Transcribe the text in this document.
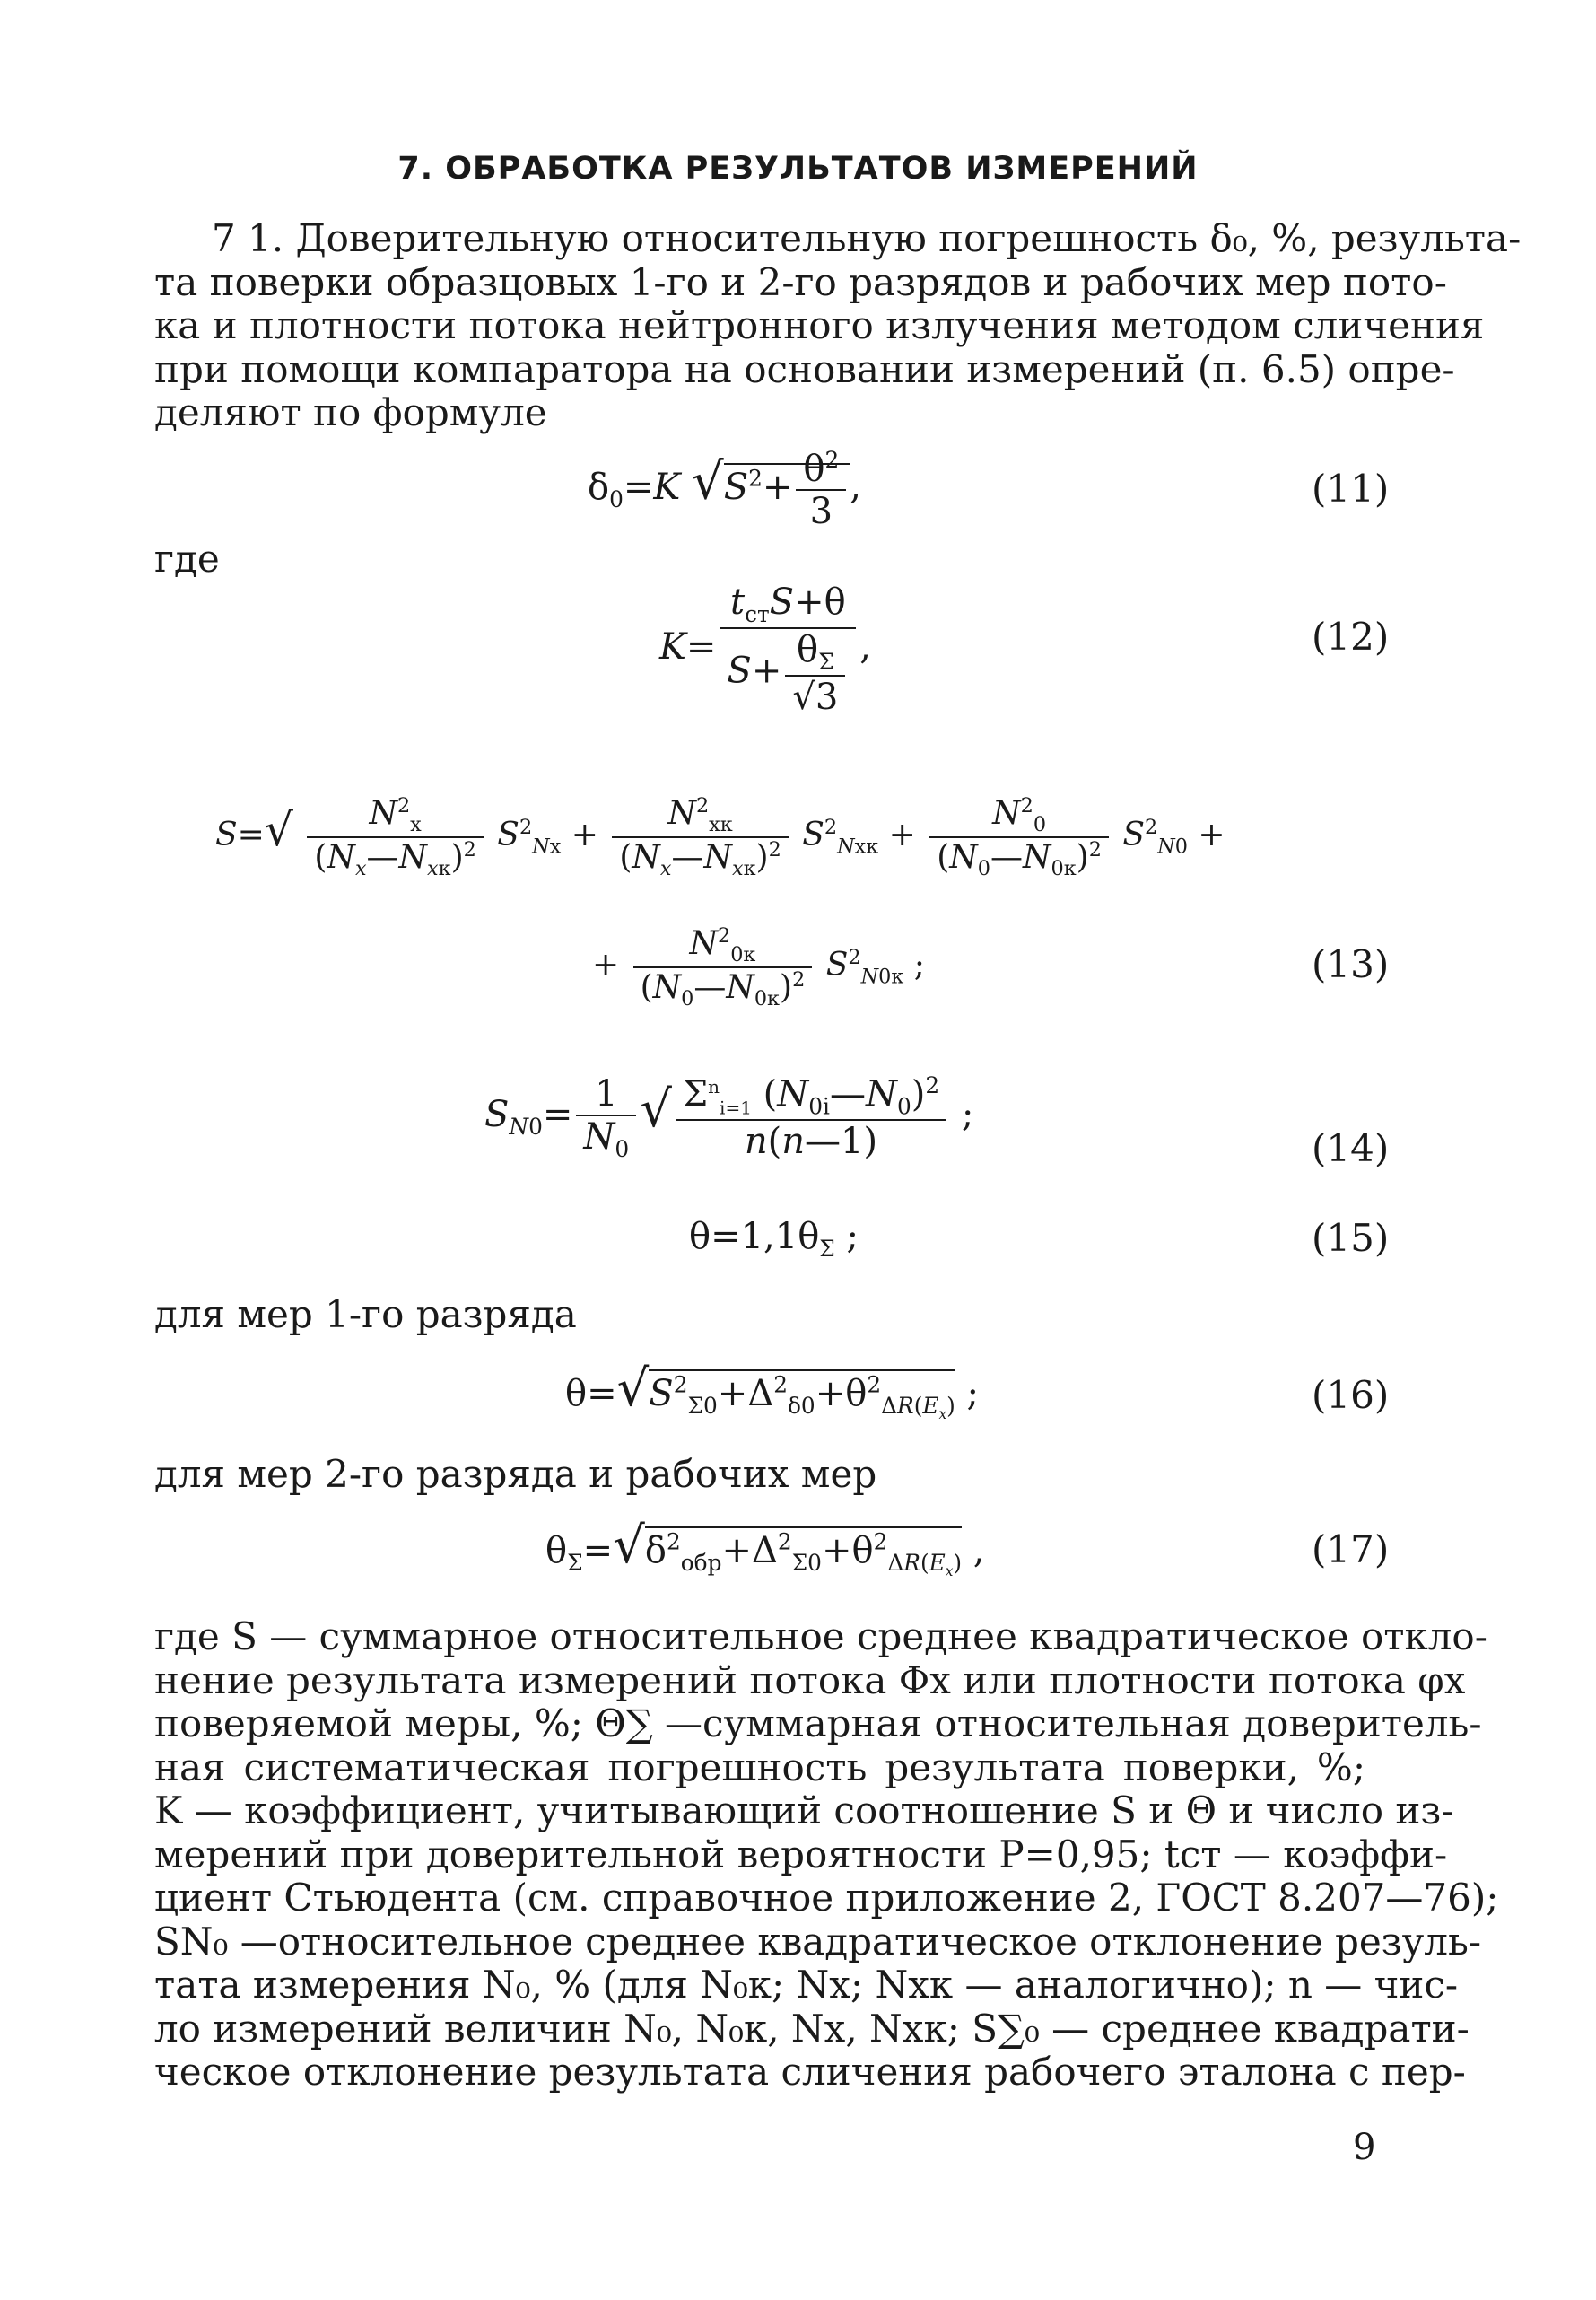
7. ОБРАБОТКА РЕЗУЛЬТАТОВ ИЗМЕРЕНИЙ
7 1. Доверительную относительную погрешность δ₀, %, результа-
та поверки образцовых 1-го и 2-го разрядов и рабочих мер пото-
ка и плотности потока нейтронного излучения методом сличения
при помощи компаратора на основании измерений (п. 6.5) опре-
деляют по формуле
$\delta_0=K$ $√S^2+ \frac{\theta^2}{3}$ ,	(11)
где
$K= \frac{t_{ст}S+\theta}{S+ \frac{\theta_\Sigma}{√3}}$ ,	(12)
$S=√ \frac{N^2_x}{(N_x—N_{xк})^2} S^2_{Nx} + \frac{N^2_{xк}}{(N_x—N_{xк})^2} S^2_{Nxк} + \frac{N^2_0}{(N_0—N_{0к})^2} S^2_{N0}$ +
+ $\frac{N^2_{0к}}{(N_0—N_{0к})^2} S^2_{N0к}$ ;	(13)
$S_{N0}= \frac{1}{N_0}$ √ $\frac{\Sigma^n_{i=1} (N_{0i}—N_0)^2}{n(n—1)}$ ;
(14)
$\theta=1,1\theta_\Sigma$ ;	(15)
для мер 1-го разряда
$\theta=√S^2_{\Sigma 0}+\Delta^2_{\delta 0}+\theta^2_{\Delta R(E_x)}$ ;	(16)
для мер 2-го разряда и рабочих мер
$\theta_\Sigma=√\delta^2_{обр}+\Delta^2_{\Sigma 0}+\theta^2_{\Delta R(E_x)}$ ,	(17)
где S — суммарное относительное среднее квадратическое откло-
нение результата измерений потока Φx или плотности потока φx
поверяемой меры, %; Θ∑ —суммарная относительная доверитель-
ная систематическая погрешность результата поверки, %;
K — коэффициент, учитывающий соотношение S и Θ и число из-
мерений при доверительной вероятности P=0,95; tст — коэффи-
циент Стьюдента (см. справочное приложение 2, ГОСТ 8.207—76);
SN₀ —относительное среднее квадратическое отклонение резуль-
тата измерения N₀, % (для N₀к; Nx; Nxк — аналогично); n — чис-
ло измерений величин N₀, N₀к, Nx, Nxк; S∑₀ — среднее квадрати-
ческое отклонение результата сличения рабочего эталона с пер-
9
